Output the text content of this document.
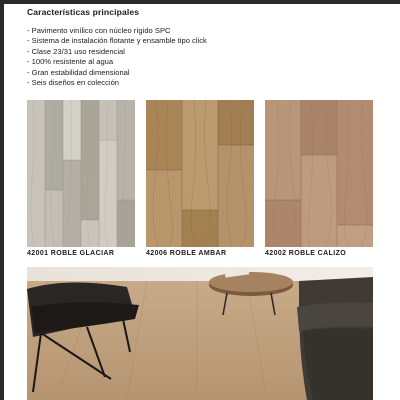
Características principales
- Pavimento vinílico con núcleo rígido SPC
- Sistema de instalación flotante y ensamble tipo click
- Clase 23/31 uso residencial
- 100% resistente al agua
- Gran estabilidad dimensional
- Seis diseños en colección
42001 ROBLE GLACIAR	42006 ROBLE AMBAR	42002 ROBLE CALIZO
